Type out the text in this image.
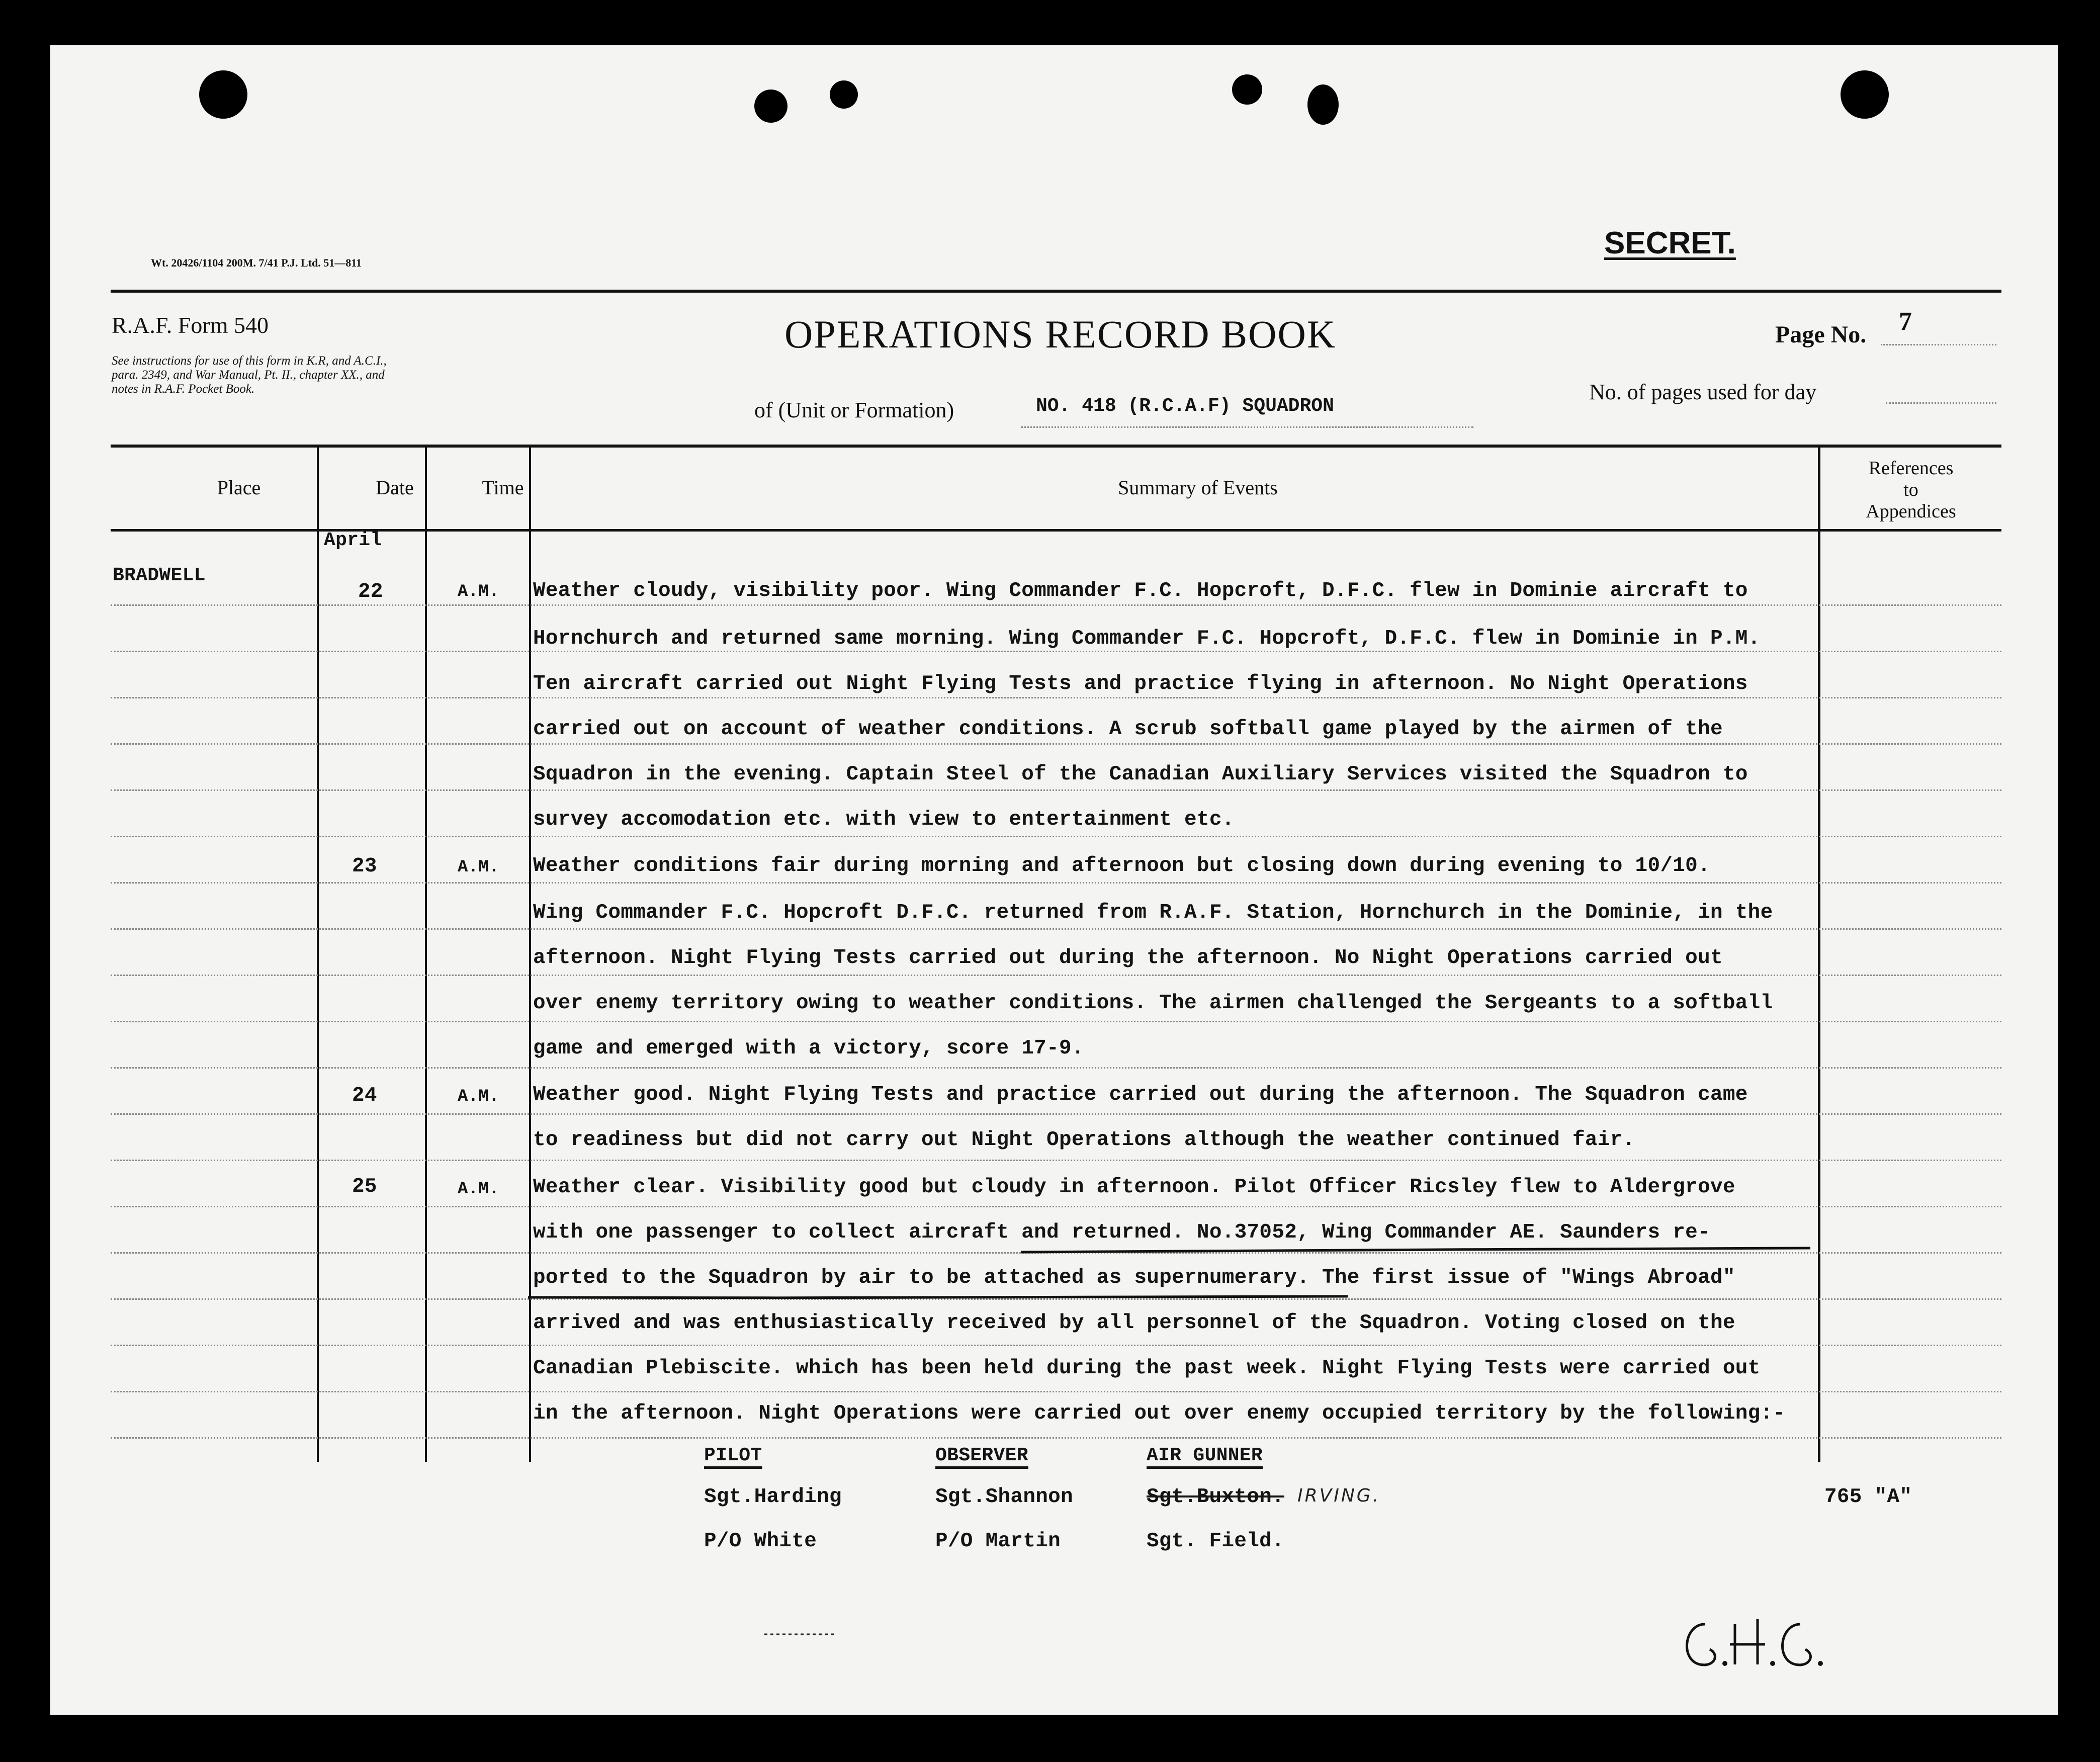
Wt. 20426/1104 200M. 7/41 P.J. Ltd. 51—811
SECRET.
R.A.F. Form 540
See instructions for use of this form in K.R, and A.C.I.,
para. 2349, and War Manual, Pt. II., chapter XX., and
notes in R.A.F. Pocket Book.
OPERATIONS RECORD BOOK
of (Unit or Formation)	NO. 418 (R.C.A.F) SQUADRON
Page No. 7
No. of pages used for day
Place	Date	Time	Summary of Events
References
to
Appendices
April
BRADWELL
22	A.M. Weather cloudy, visibility poor. Wing Commander F.C. Hopcroft, D.F.C. flew in Dominie aircraft to
Hornchurch and returned same morning. Wing Commander F.C. Hopcroft, D.F.C. flew in Dominie in P.M.
Ten aircraft carried out Night Flying Tests and practice flying in afternoon. No Night Operations
carried out on account of weather conditions. A scrub softball game played by the airmen of the
Squadron in the evening. Captain Steel of the Canadian Auxiliary Services visited the Squadron to
survey accomodation etc. with view to entertainment etc.
23	A.M. Weather conditions fair during morning and afternoon but closing down during evening to 10/10.
Wing Commander F.C. Hopcroft D.F.C. returned from R.A.F. Station, Hornchurch in the Dominie, in the
afternoon. Night Flying Tests carried out during the afternoon. No Night Operations carried out
over enemy territory owing to weather conditions. The airmen challenged the Sergeants to a softball
game and emerged with a victory, score 17-9.
24	A.M. Weather good. Night Flying Tests and practice carried out during the afternoon. The Squadron came
to readiness but did not carry out Night Operations although the weather continued fair.
25	A.M. Weather clear. Visibility good but cloudy in afternoon. Pilot Officer Ricsley flew to Aldergrove
with one passenger to collect aircraft and returned. No.37052, Wing Commander AE. Saunders re-
ported to the Squadron by air to be attached as supernumerary. The first issue of "Wings Abroad"
arrived and was enthusiastically received by all personnel of the Squadron. Voting closed on the
Canadian Plebiscite. which has been held during the past week. Night Flying Tests were carried out
in the afternoon. Night Operations were carried out over enemy occupied territory by the following:-
PILOT	OBSERVER	AIR GUNNER
Sgt.Harding	Sgt.Shannon	Sgt.Buxton. IRVING.	765 "A"
P/O White	P/O Martin	Sgt. Field.
